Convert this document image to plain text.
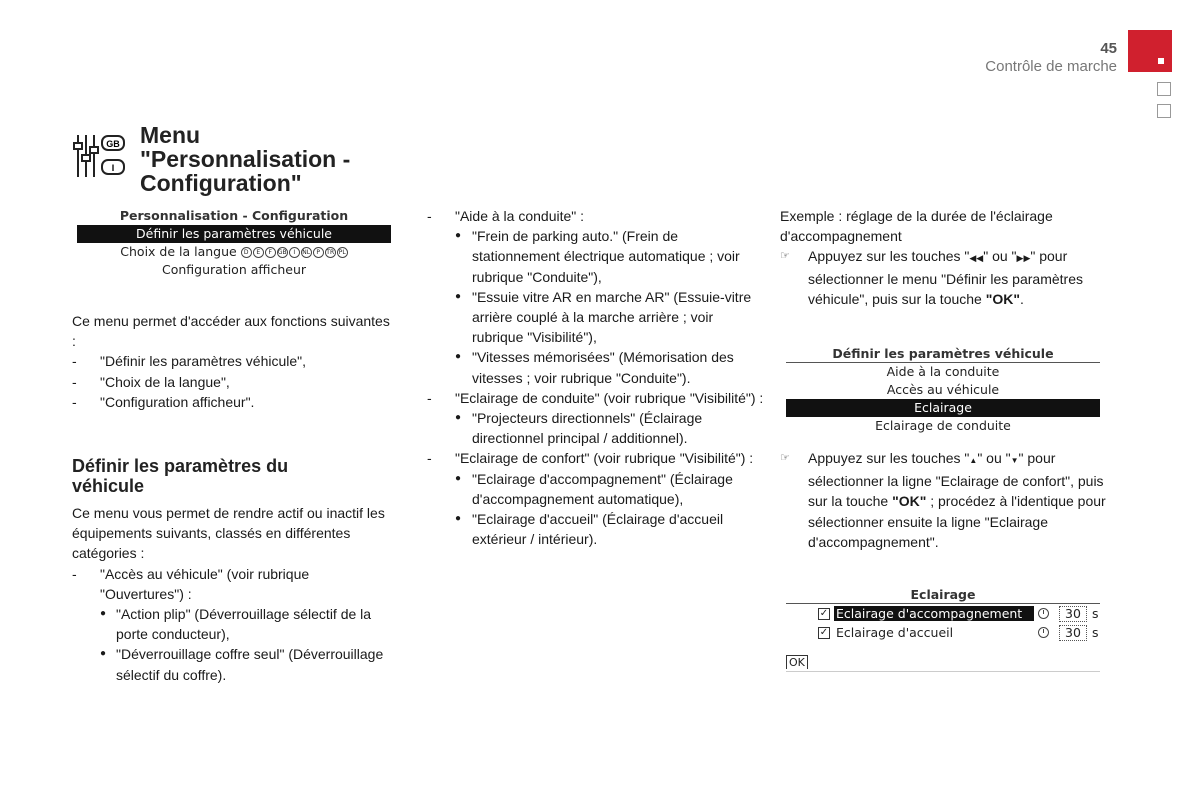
45
Contrôle de marche
GB
I
Menu
"Personnalisation -
Configuration"
Personnalisation - Configuration
Définir les paramètres véhicule
Choix de la langue	D	E	F GB	I	NL	P	TR PL
Configuration afficheur
Ce menu permet d'accéder aux fonctions suivantes :
- "Définir les paramètres véhicule",
- "Choix de la langue",
- "Configuration afficheur".
Définir les paramètres du
véhicule
Ce menu vous permet de rendre actif ou inactif les équipements suivants, classés en différentes catégories :
- "Accès au véhicule" (voir rubrique "Ouvertures") :
● "Action plip" (Déverrouillage sélectif de la porte conducteur),
● "Déverrouillage coffre seul" (Déverrouillage sélectif du coffre).
- "Aide à la conduite" :
● "Frein de parking auto." (Frein de stationnement électrique automatique ; voir rubrique "Conduite"),
● "Essuie vitre AR en marche AR" (Essuie-vitre arrière couplé à la marche arrière ; voir rubrique "Visibilité"),
● "Vitesses mémorisées" (Mémorisation des vitesses ; voir rubrique "Conduite").
- "Eclairage de conduite" (voir rubrique "Visibilité") :
● "Projecteurs directionnels" (Éclairage directionnel principal / additionnel).
- "Eclairage de confort" (voir rubrique "Visibilité") :
● "Eclairage d'accompagnement" (Éclairage d'accompagnement automatique),
● "Eclairage d'accueil" (Éclairage d'accueil extérieur / intérieur).
Exemple : réglage de la durée de l'éclairage d'accompagnement
☞ Appuyez sur les touches "◀◀" ou "▶▶" pour sélectionner le menu "Définir les paramètres véhicule", puis sur la touche "OK".
Définir les paramètres véhicule
Aide à la conduite
Accès au véhicule
Eclairage
Eclairage de conduite
☞ Appuyez sur les touches "▲" ou "▼" pour sélectionner la ligne "Eclairage de confort", puis sur la touche "OK" ; procédez à l'identique pour sélectionner ensuite la ligne "Eclairage d'accompagnement".
Eclairage
✓ Eclairage d'accompagnement	30 s
✓ Eclairage d'accueil	30 s
OK
